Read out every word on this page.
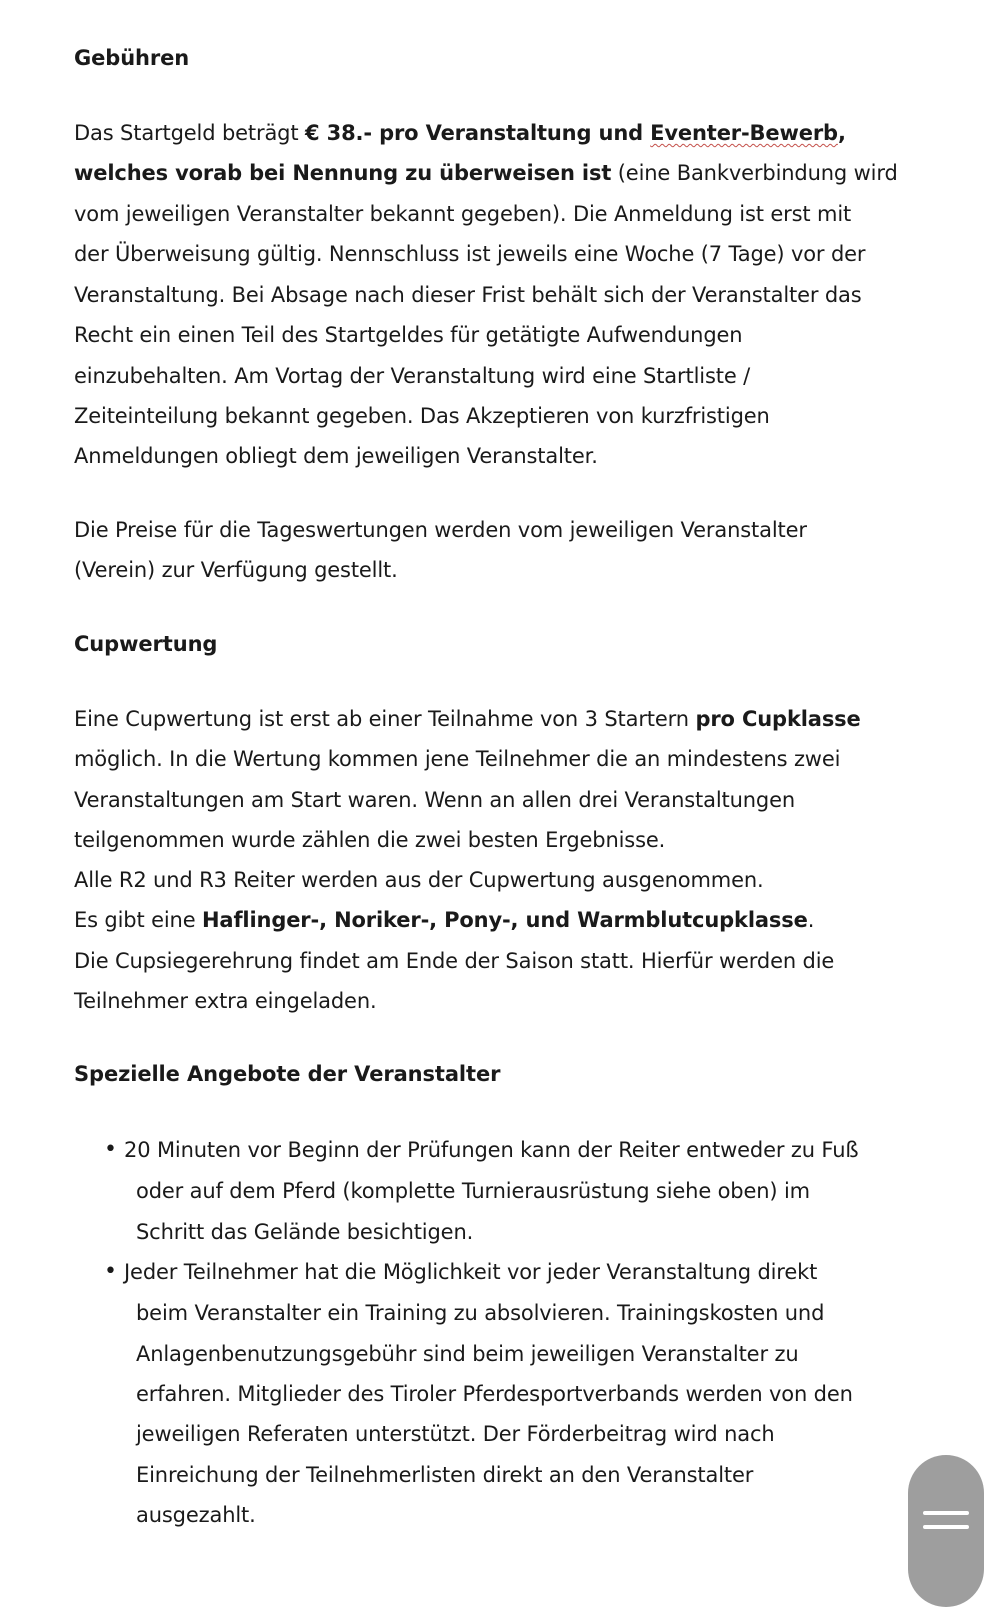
Gebühren
Das Startgeld beträgt € 38.- pro Veranstaltung und Eventer-Bewerb,
welches vorab bei Nennung zu überweisen ist (eine Bankverbindung wird
vom jeweiligen Veranstalter bekannt gegeben). Die Anmeldung ist erst mit
der Überweisung gültig. Nennschluss ist jeweils eine Woche (7 Tage) vor der
Veranstaltung. Bei Absage nach dieser Frist behält sich der Veranstalter das
Recht ein einen Teil des Startgeldes für getätigte Aufwendungen
einzubehalten. Am Vortag der Veranstaltung wird eine Startliste /
Zeiteinteilung bekannt gegeben. Das Akzeptieren von kurzfristigen
Anmeldungen obliegt dem jeweiligen Veranstalter.
Die Preise für die Tageswertungen werden vom jeweiligen Veranstalter
(Verein) zur Verfügung gestellt.
Cupwertung
Eine Cupwertung ist erst ab einer Teilnahme von 3 Startern pro Cupklasse
möglich. In die Wertung kommen jene Teilnehmer die an mindestens zwei
Veranstaltungen am Start waren. Wenn an allen drei Veranstaltungen
teilgenommen wurde zählen die zwei besten Ergebnisse.
Alle R2 und R3 Reiter werden aus der Cupwertung ausgenommen.
Es gibt eine Haflinger-, Noriker-, Pony-, und Warmblutcupklasse.
Die Cupsiegerehrung findet am Ende der Saison statt. Hierfür werden die
Teilnehmer extra eingeladen.
Spezielle Angebote der Veranstalter
• 20 Minuten vor Beginn der Prüfungen kann der Reiter entweder zu Fuß
oder auf dem Pferd (komplette Turnierausrüstung siehe oben) im
Schritt das Gelände besichtigen.
• Jeder Teilnehmer hat die Möglichkeit vor jeder Veranstaltung direkt
beim Veranstalter ein Training zu absolvieren. Trainingskosten und
Anlagenbenutzungsgebühr sind beim jeweiligen Veranstalter zu
erfahren. Mitglieder des Tiroler Pferdesportverbands werden von den
jeweiligen Referaten unterstützt. Der Förderbeitrag wird nach
Einreichung der Teilnehmerlisten direkt an den Veranstalter
ausgezahlt.
